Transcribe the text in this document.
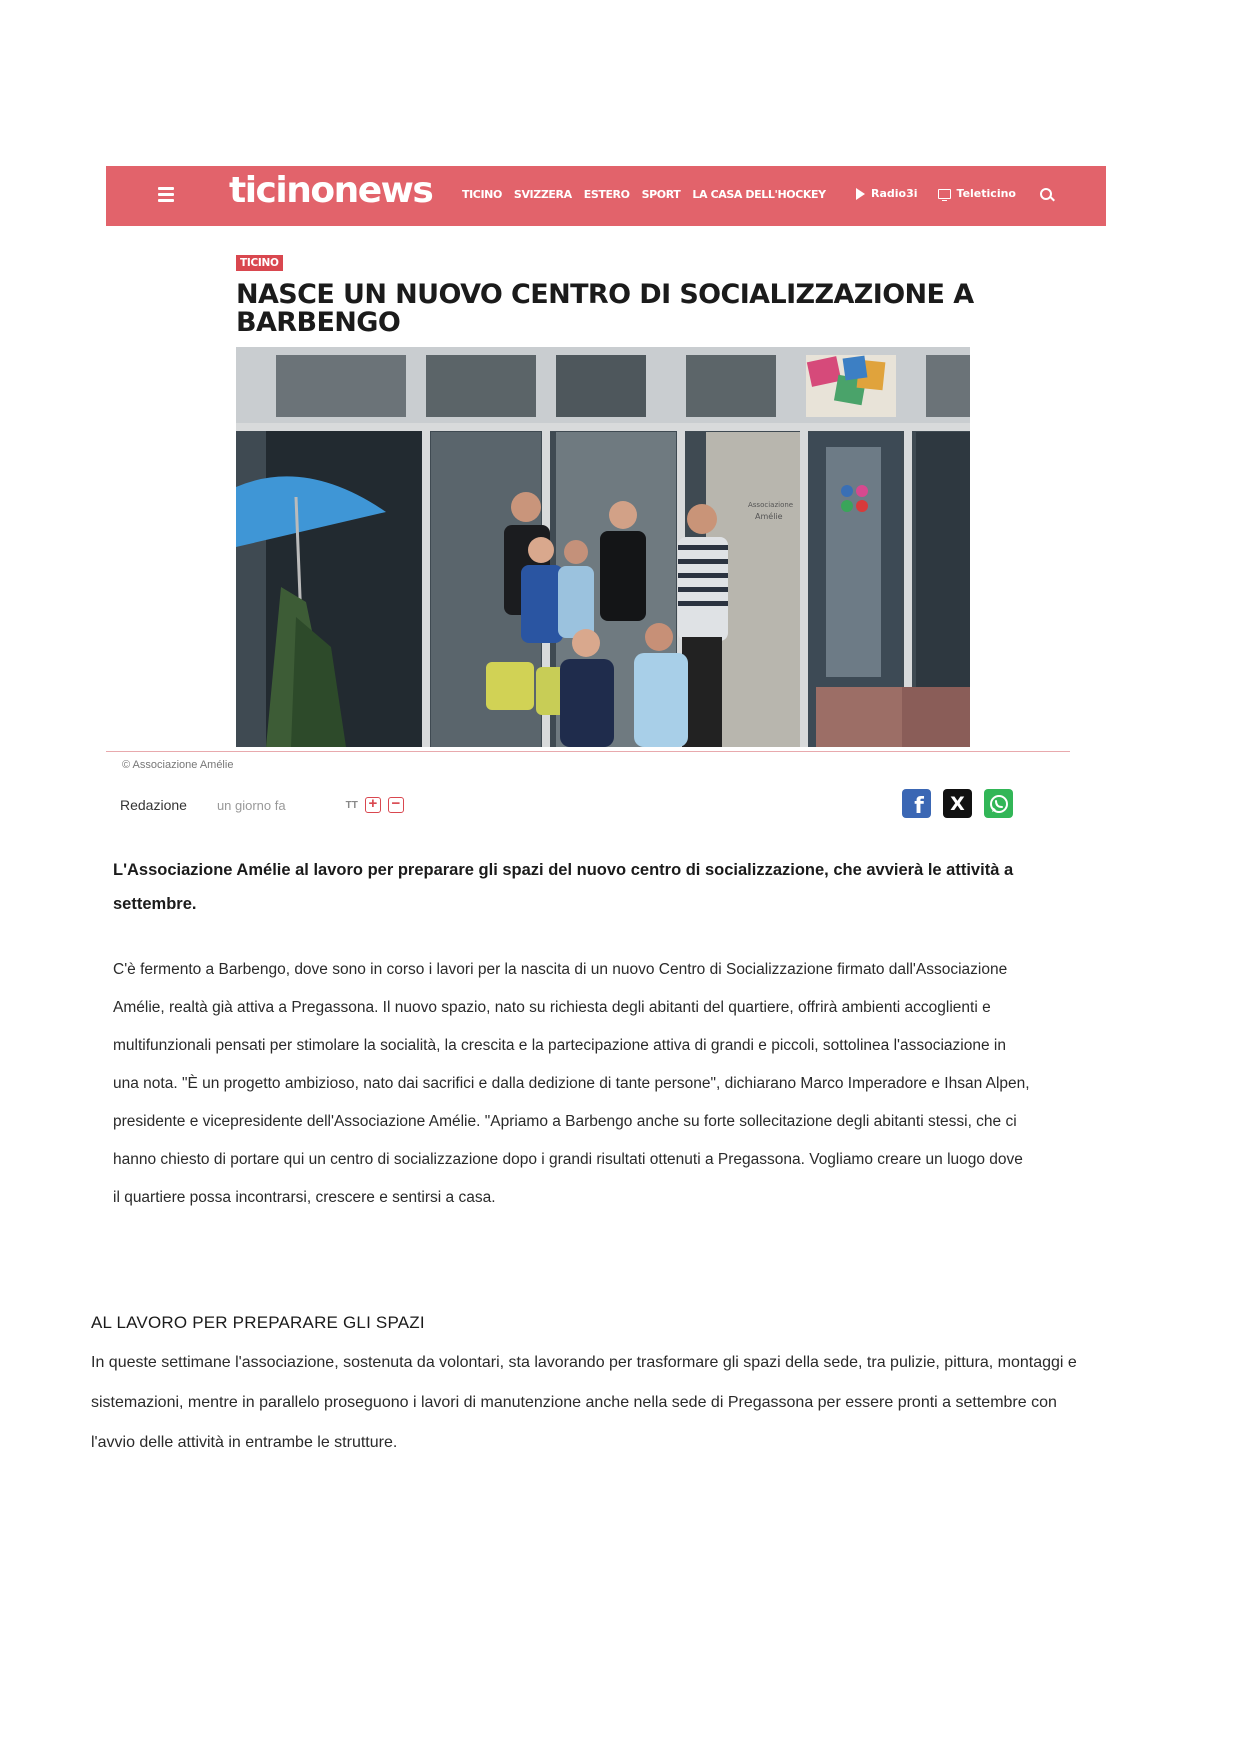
ticinonews	TICINO SVIZZERA ESTERO SPORT LA CASA DELL'HOCKEY	Radio3i	Teleticino
TICINO
NASCE UN NUOVO CENTRO DI SOCIALIZZAZIONE A BARBENGO
Associazione
Amélie
© Associazione Amélie
Redazione un giorno fa	TT + −	f X

L'Associazione Amélie al lavoro per preparare gli spazi del nuovo centro di socializzazione, che avvierà le attività a settembre.

C'è fermento a Barbengo, dove sono in corso i lavori per la nascita di un nuovo Centro di Socializzazione firmato dall'Associazione Amélie, realtà già attiva a Pregassona. Il nuovo spazio, nato su richiesta degli abitanti del quartiere, offrirà ambienti accoglienti e multifunzionali pensati per stimolare la socialità, la crescita e la partecipazione attiva di grandi e piccoli, sottolinea l'associazione in una nota. "È un progetto ambizioso, nato dai sacrifici e dalla dedizione di tante persone", dichiarano Marco Imperadore e Ihsan Alpen, presidente e vicepresidente dell'Associazione Amélie. "Apriamo a Barbengo anche su forte sollecitazione degli abitanti stessi, che ci hanno chiesto di portare qui un centro di socializzazione dopo i grandi risultati ottenuti a Pregassona. Vogliamo creare un luogo dove il quartiere possa incontrarsi, crescere e sentirsi a casa.

AL LAVORO PER PREPARARE GLI SPAZI

In queste settimane l'associazione, sostenuta da volontari, sta lavorando per trasformare gli spazi della sede, tra pulizie, pittura, montaggi e sistemazioni, mentre in parallelo proseguono i lavori di manutenzione anche nella sede di Pregassona per essere pronti a settembre con l'avvio delle attività in entrambe le strutture.
